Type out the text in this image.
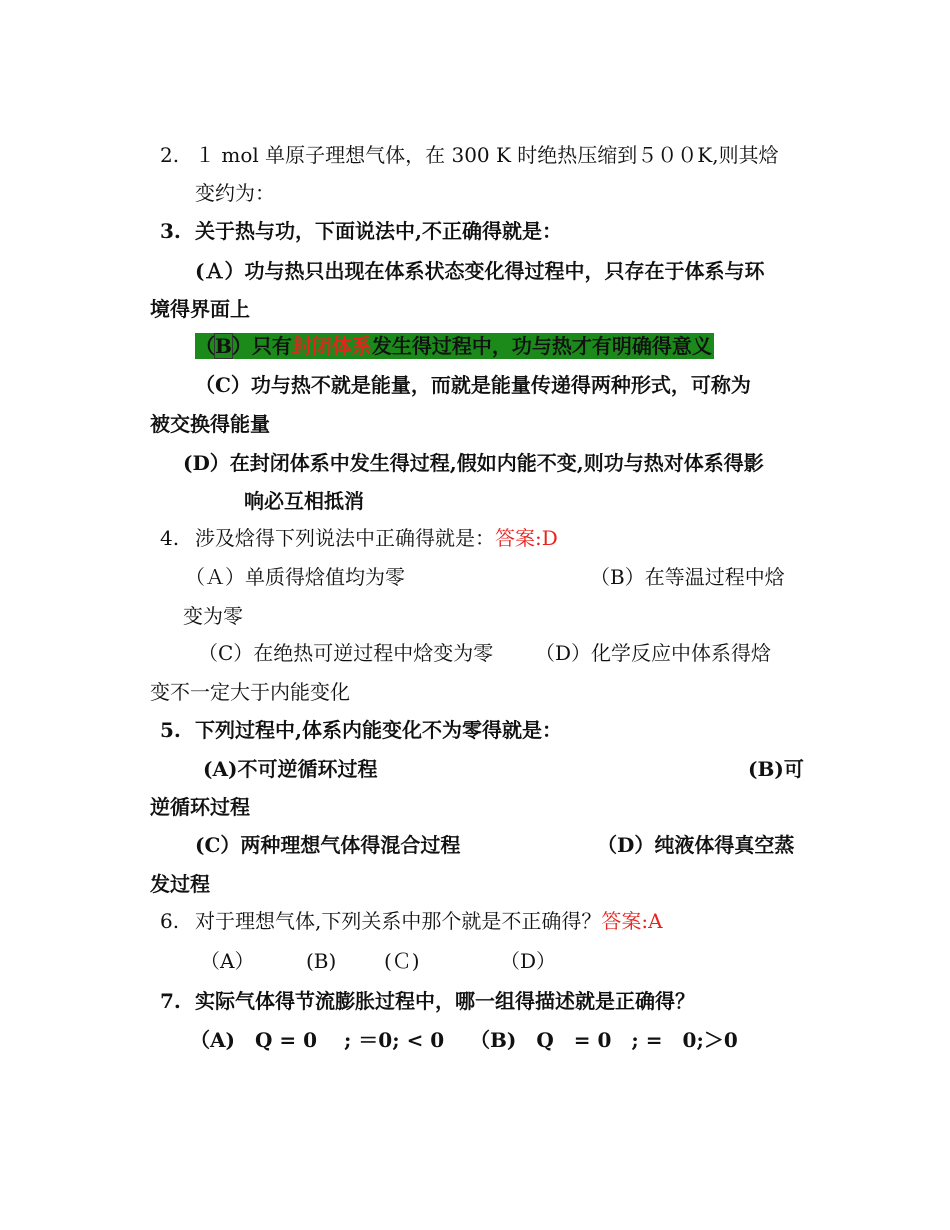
2. １ mol 单原子理想气体，在 300 K 时绝热压缩到５００K,则其焓
变约为：
3. 关于热与功，下面说法中,不正确得就是：
(Ａ）功与热只出现在体系状态变化得过程中，只存在于体系与环
境得界面上
（B）只有封闭体系发生得过程中，功与热才有明确得意义
（C）功与热不就是能量，而就是能量传递得两种形式，可称为
被交换得能量
(D）在封闭体系中发生得过程,假如内能不变,则功与热对体系得影
响必互相抵消
4. 涉及焓得下列说法中正确得就是：答案:D
（Ａ）单质得焓值均为零	（B）在等温过程中焓
变为零
（C）在绝热可逆过程中焓变为零 （D）化学反应中体系得焓
变不一定大于内能变化
5. 下列过程中,体系内能变化不为零得就是：
(A)不可逆循环过程	(B)可
逆循环过程
(C）两种理想气体得混合过程	（D）纯液体得真空蒸
发过程
6. 对于理想气体,下列关系中那个就是不正确得？答案:A
（A）	(B) (Ｃ)	（D）
7. 实际气体得节流膨胀过程中，哪一组得描述就是正确得？
（A)　Q = 0　 ; ＝0; < 0 （B)　Q　= 0　; =　0;＞0
